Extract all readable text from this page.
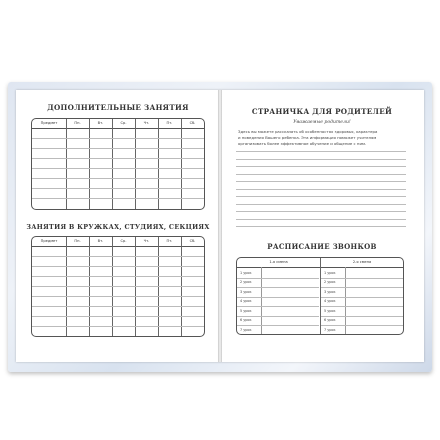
ДОПОЛНИТЕЛЬНЫЕ ЗАНЯТИЯ
Предмет	Пн.	Вт.	Ср.	Чт.	Пт.	Сб.
ЗАНЯТИЯ В КРУЖКАХ, СТУДИЯХ, СЕКЦИЯХ
Предмет	Пн.	Вт.	Ср.	Чт.	Пт.	Сб.
СТРАНИЧКА ДЛЯ РОДИТЕЛЕЙ
Уважаемые родители!
Здесь вы можете рассказать об особенностях здоровья, характера
и поведения Вашего ребенка. Эта информация поможет учителям
организовать более эффективное обучение и общение с ним.
РАСПИСАНИЕ ЗВОНКОВ
1-я смена	2-я смена
1 урок	1 урок
2 урок	2 урок
3 урок	3 урок
4 урок	4 урок
5 урок	5 урок
6 урок	6 урок
7 урок	7 урок
